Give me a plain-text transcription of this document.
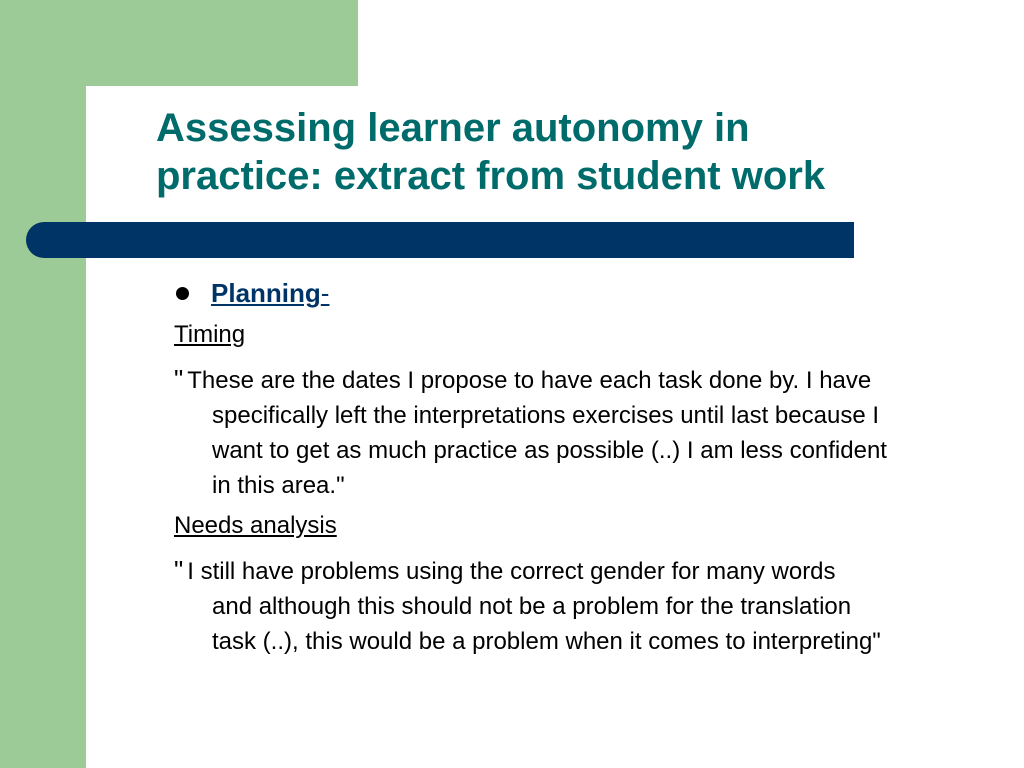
Assessing learner autonomy in
practice: extract from student work
Planning -
Timing
" These are the dates I propose to have each task done by. I have
specifically left the interpretations exercises until last because I
want to get as much practice as possible (..) I am less confident
in this area."
Needs analysis
" I still have problems using the correct gender for many words
and although this should not be a problem for the translation
task (..), this would be a problem when it comes to interpreting"
